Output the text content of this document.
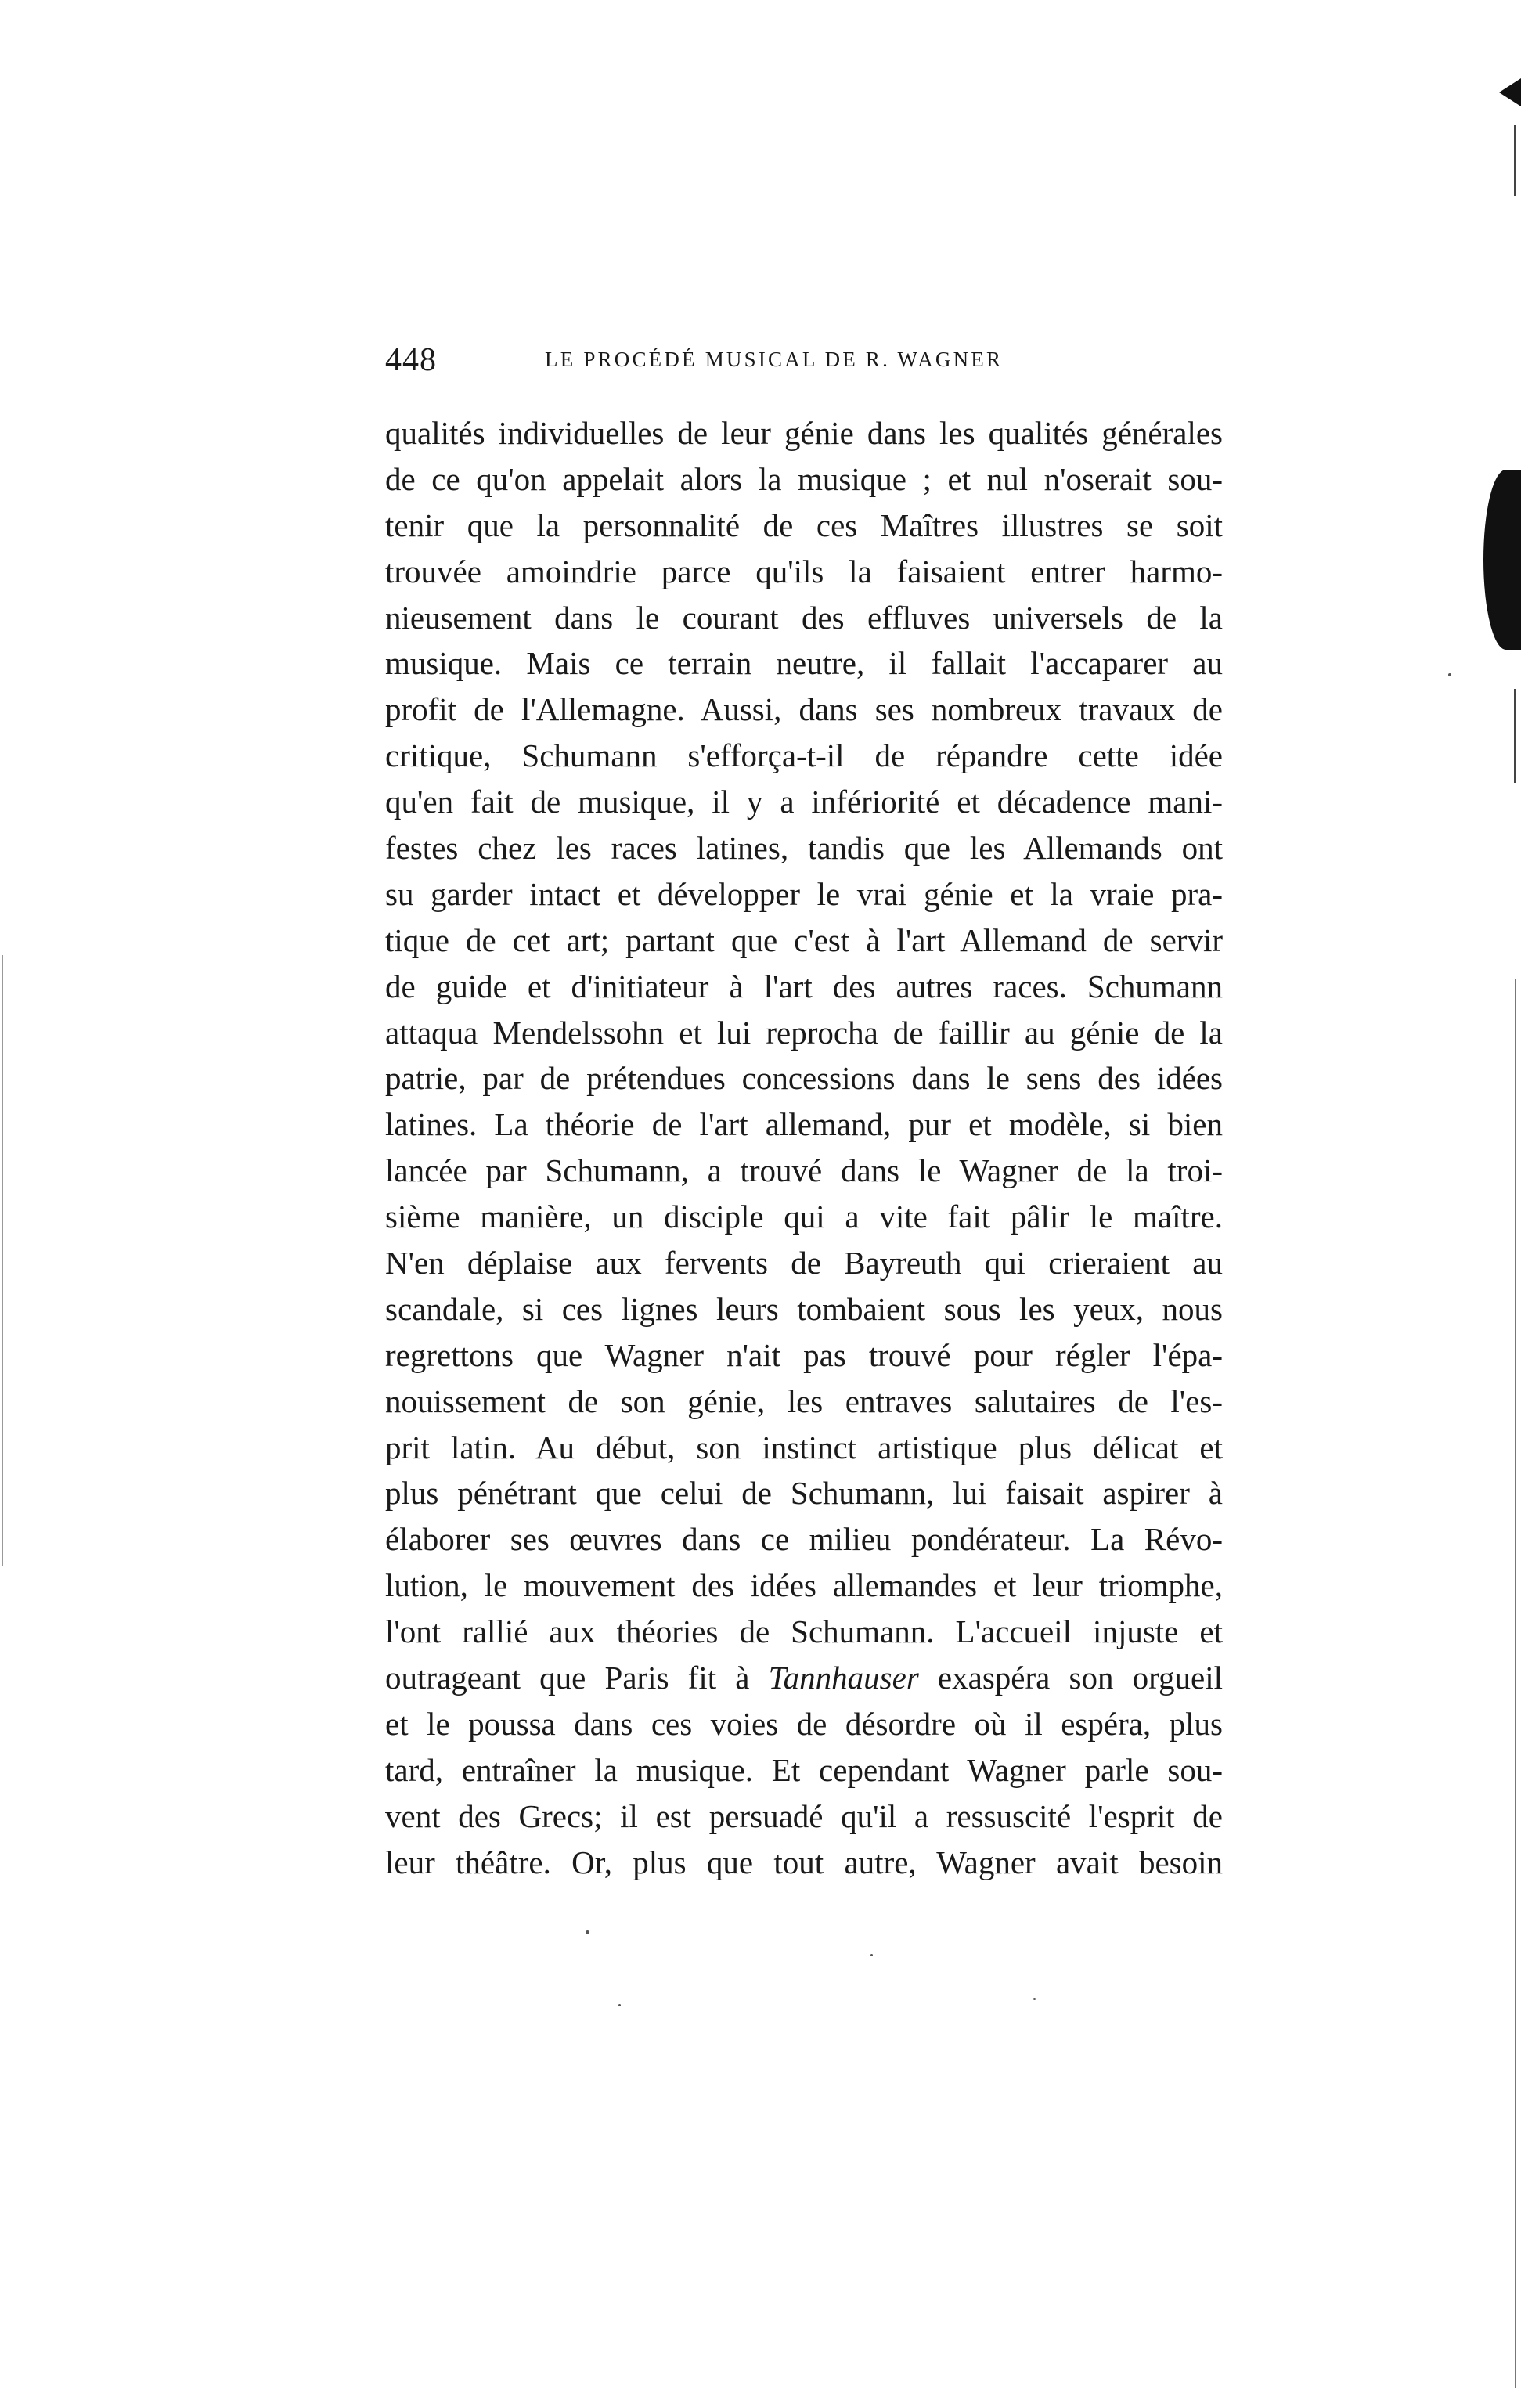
448	LE PROCÉDÉ MUSICAL DE R. WAGNER
qualités individuelles de leur génie dans les qualités générales
de ce qu'on appelait alors la musique ; et nul n'oserait sou-
tenir que la personnalité de ces Maîtres illustres se soit
trouvée amoindrie parce qu'ils la faisaient entrer harmo-
nieusement dans le courant des effluves universels de la
musique. Mais ce terrain neutre, il fallait l'accaparer au
profit de l'Allemagne. Aussi, dans ses nombreux travaux de
critique, Schumann s'efforça-t-il de répandre cette idée
qu'en fait de musique, il y a infériorité et décadence mani-
festes chez les races latines, tandis que les Allemands ont
su garder intact et développer le vrai génie et la vraie pra-
tique de cet art; partant que c'est à l'art Allemand de servir
de guide et d'initiateur à l'art des autres races. Schumann
attaqua Mendelssohn et lui reprocha de faillir au génie de la
patrie, par de prétendues concessions dans le sens des idées
latines. La théorie de l'art allemand, pur et modèle, si bien
lancée par Schumann, a trouvé dans le Wagner de la troi-
sième manière, un disciple qui a vite fait pâlir le maître.
N'en déplaise aux fervents de Bayreuth qui crieraient au
scandale, si ces lignes leurs tombaient sous les yeux, nous
regrettons que Wagner n'ait pas trouvé pour régler l'épa-
nouissement de son génie, les entraves salutaires de l'es-
prit latin. Au début, son instinct artistique plus délicat et
plus pénétrant que celui de Schumann, lui faisait aspirer à
élaborer ses œuvres dans ce milieu pondérateur. La Révo-
lution, le mouvement des idées allemandes et leur triomphe,
l'ont rallié aux théories de Schumann. L'accueil injuste et
outrageant que Paris fit à Tannhauser exaspéra son orgueil
et le poussa dans ces voies de désordre où il espéra, plus
tard, entraîner la musique. Et cependant Wagner parle sou-
vent des Grecs; il est persuadé qu'il a ressuscité l'esprit de
leur théâtre. Or, plus que tout autre, Wagner avait besoin
